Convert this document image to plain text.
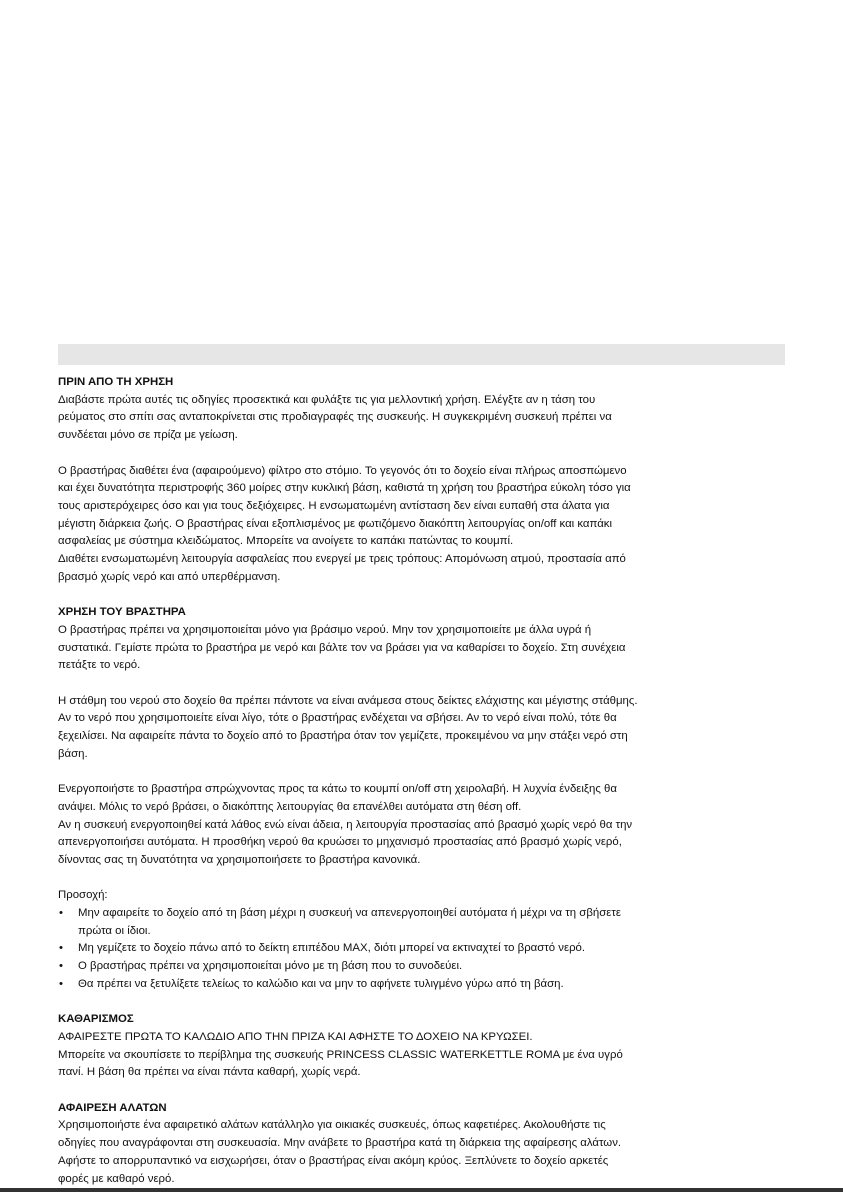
ΠΡΙΝ ΑΠΟ ΤΗ ΧΡΗΣΗ
Διαβάστε πρώτα αυτές τις οδηγίες προσεκτικά και φυλάξτε τις για μελλοντική χρήση. Ελέγξτε αν η τάση του
ρεύματος στο σπίτι σας ανταποκρίνεται στις προδιαγραφές της συσκευής. Η συγκεκριμένη συσκευή πρέπει να
συνδέεται μόνο σε πρίζα με γείωση.
Ο βραστήρας διαθέτει ένα (αφαιρούμενο) φίλτρο στο στόμιο. Το γεγονός ότι το δοχείο είναι πλήρως αποσπώμενο
και έχει δυνατότητα περιστροφής 360 μοίρες στην κυκλική βάση, καθιστά τη χρήση του βραστήρα εύκολη τόσο για
τους αριστερόχειρες όσο και για τους δεξιόχειρες. Η ενσωματωμένη αντίσταση δεν είναι ευπαθή στα άλατα για
μέγιστη διάρκεια ζωής. Ο βραστήρας είναι εξοπλισμένος με φωτιζόμενο διακόπτη λειτουργίας on/off και καπάκι
ασφαλείας με σύστημα κλειδώματος. Μπορείτε να ανοίγετε το καπάκι πατώντας το κουμπί.
Διαθέτει ενσωματωμένη λειτουργία ασφαλείας που ενεργεί με τρεις τρόπους: Απομόνωση ατμού, προστασία από
βρασμό χωρίς νερό και από υπερθέρμανση.
ΧΡΗΣΗ ΤΟΥ ΒΡΑΣΤΗΡΑ
Ο βραστήρας πρέπει να χρησιμοποιείται μόνο για βράσιμο νερού. Μην τον χρησιμοποιείτε με άλλα υγρά ή
συστατικά. Γεμίστε πρώτα το βραστήρα με νερό και βάλτε τον να βράσει για να καθαρίσει το δοχείο. Στη συνέχεια
πετάξτε το νερό.
Η στάθμη του νερού στο δοχείο θα πρέπει πάντοτε να είναι ανάμεσα στους δείκτες ελάχιστης και μέγιστης στάθμης.
Αν το νερό που χρησιμοποιείτε είναι λίγο, τότε ο βραστήρας ενδέχεται να σβήσει. Αν το νερό είναι πολύ, τότε θα
ξεχειλίσει. Να αφαιρείτε πάντα το δοχείο από το βραστήρα όταν τον γεμίζετε, προκειμένου να μην στάξει νερό στη
βάση.
Ενεργοποιήστε το βραστήρα σπρώχνοντας προς τα κάτω το κουμπί on/off στη χειρολαβή. Η λυχνία ένδειξης θα
ανάψει. Μόλις το νερό βράσει, ο διακόπτης λειτουργίας θα επανέλθει αυτόματα στη θέση off.
Αν η συσκευή ενεργοποιηθεί κατά λάθος ενώ είναι άδεια, η λειτουργία προστασίας από βρασμό χωρίς νερό θα την
απενεργοποιήσει αυτόματα. Η προσθήκη νερού θα κρυώσει το μηχανισμό προστασίας από βρασμό χωρίς νερό,
δίνοντας σας τη δυνατότητα να χρησιμοποιήσετε το βραστήρα κανονικά.
Προσοχή:
• Μην αφαιρείτε το δοχείο από τη βάση μέχρι η συσκευή να απενεργοποιηθεί αυτόματα ή μέχρι να τη σβήσετε
πρώτα οι ίδιοι.
• Μη γεμίζετε το δοχείο πάνω από το δείκτη επιπέδου MAX, διότι μπορεί να εκτιναχτεί το βραστό νερό.
• Ο βραστήρας πρέπει να χρησιμοποιείται μόνο με τη βάση που το συνοδεύει.
• Θα πρέπει να ξετυλίξετε τελείως το καλώδιο και να μην το αφήνετε τυλιγμένο γύρω από τη βάση.
ΚΑΘΑΡΙΣΜΟΣ
ΑΦΑΙΡΕΣΤΕ ΠΡΩΤΑ ΤΟ ΚΑΛΩΔΙΟ ΑΠΟ ΤΗΝ ΠΡΙΖΑ ΚΑΙ ΑΦΗΣΤΕ ΤΟ ΔΟΧΕΙΟ ΝΑ ΚΡΥΩΣΕΙ.
Μπορείτε να σκουπίσετε το περίβλημα της συσκευής PRINCESS CLASSIC WATERKETTLE ROMA με ένα υγρό
πανί. Η βάση θα πρέπει να είναι πάντα καθαρή, χωρίς νερά.
ΑΦΑΙΡΕΣΗ ΑΛΑΤΩΝ
Χρησιμοποιήστε ένα αφαιρετικό αλάτων κατάλληλο για οικιακές συσκευές, όπως καφετιέρες. Ακολουθήστε τις
οδηγίες που αναγράφονται στη συσκευασία. Μην ανάβετε το βραστήρα κατά τη διάρκεια της αφαίρεσης αλάτων.
Αφήστε το απορρυπαντικό να εισχωρήσει, όταν ο βραστήρας είναι ακόμη κρύος. Ξεπλύνετε το δοχείο αρκετές
φορές με καθαρό νερό.
